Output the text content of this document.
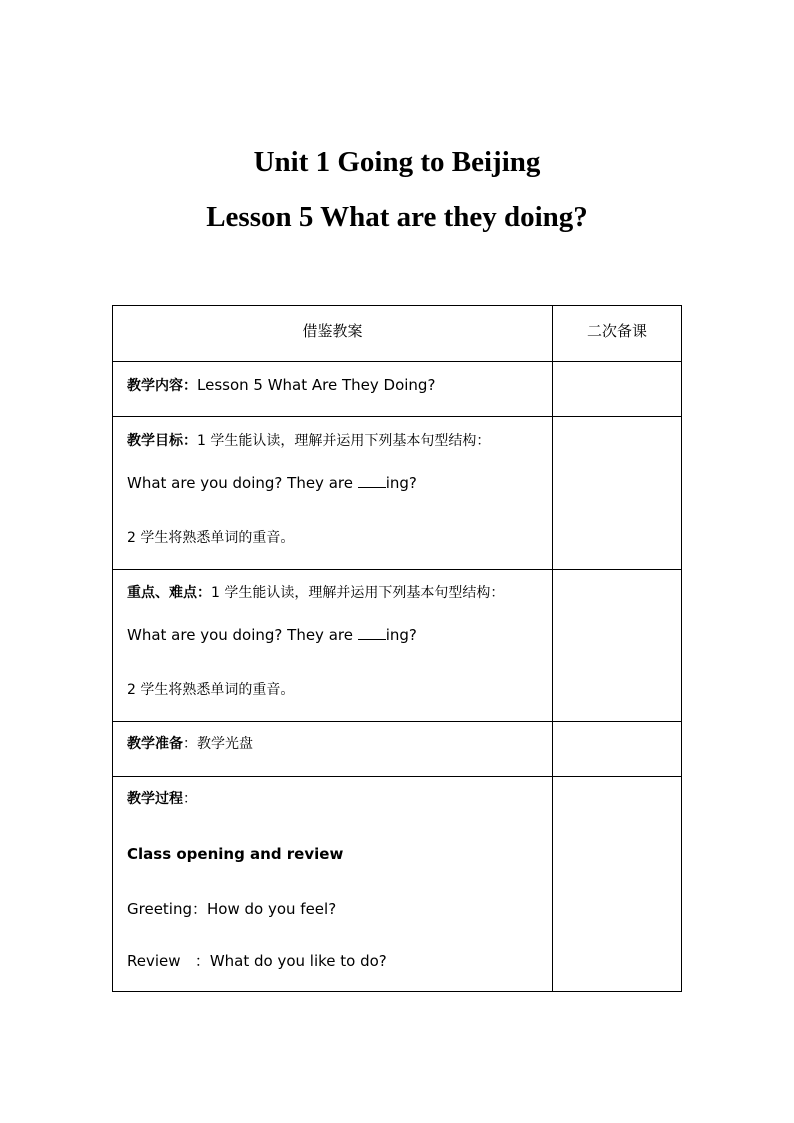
Unit 1 Going to Beijing
Lesson 5 What are they doing?
借鉴教案	二次备课

教学内容：Lesson 5 What Are They Doing?	

教学目标：1 学生能认读，理解并运用下列基本句型结构：
What are you doing? They are ing?
2 学生将熟悉单词的重音。	

重点、难点：1 学生能认读，理解并运用下列基本句型结构：
What are you doing? They are ing?
2 学生将熟悉单词的重音。	

教学准备：教学光盘	

教学过程：
Class opening and review
Greeting：How do you feel?
Review   ：What do you like to do?	
